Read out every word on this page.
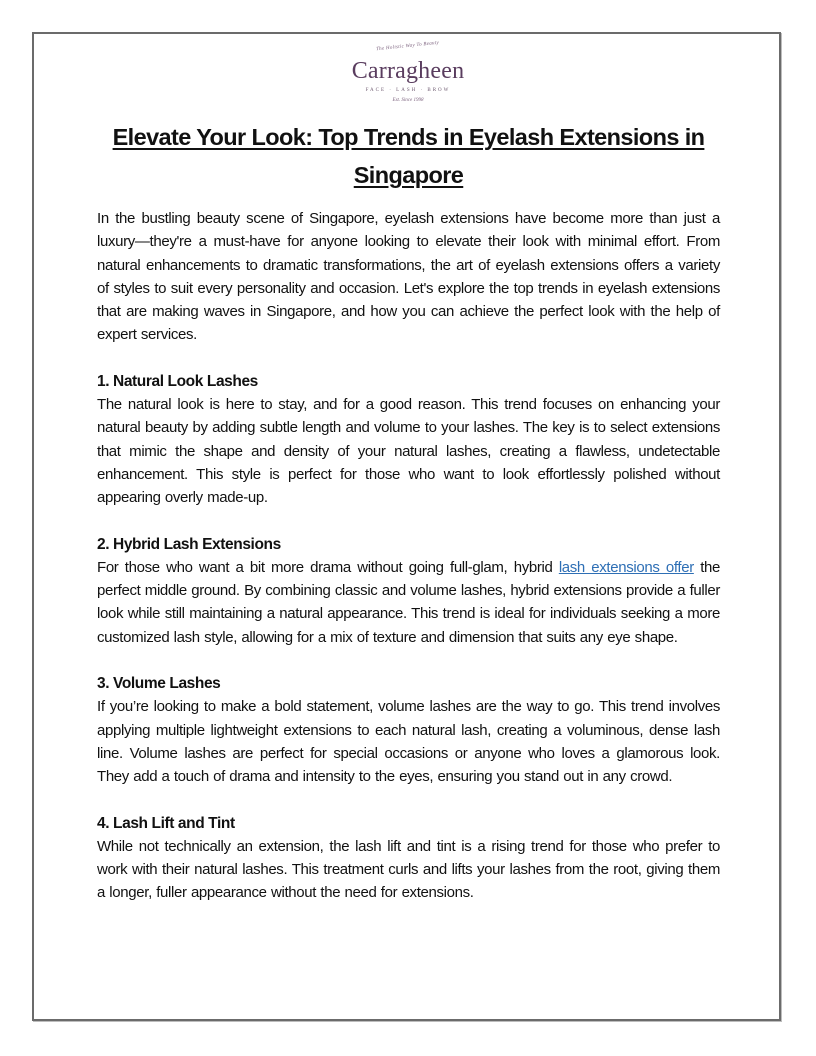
The Holistic Way To Beauty
Carragheen
FACE · LASH · BROW
Est. Since 1998
Elevate Your Look: Top Trends in Eyelash Extensions in Singapore

In the bustling beauty scene of Singapore, eyelash extensions have become more than just a luxury—they're a must-have for anyone looking to elevate their look with minimal effort. From natural enhancements to dramatic transformations, the art of eyelash extensions offers a variety of styles to suit every personality and occasion. Let's explore the top trends in eyelash extensions that are making waves in Singapore, and how you can achieve the perfect look with the help of expert services.

1. Natural Look Lashes

The natural look is here to stay, and for a good reason. This trend focuses on enhancing your natural beauty by adding subtle length and volume to your lashes. The key is to select extensions that mimic the shape and density of your natural lashes, creating a flawless, undetectable enhancement. This style is perfect for those who want to look effortlessly polished without appearing overly made-up.

2. Hybrid Lash Extensions

For those who want a bit more drama without going full-glam, hybrid lash extensions offer the perfect middle ground. By combining classic and volume lashes, hybrid extensions provide a fuller look while still maintaining a natural appearance. This trend is ideal for individuals seeking a more customized lash style, allowing for a mix of texture and dimension that suits any eye shape.

3. Volume Lashes

If you’re looking to make a bold statement, volume lashes are the way to go. This trend involves applying multiple lightweight extensions to each natural lash, creating a voluminous, dense lash line. Volume lashes are perfect for special occasions or anyone who loves a glamorous look. They add a touch of drama and intensity to the eyes, ensuring you stand out in any crowd.

4. Lash Lift and Tint

While not technically an extension, the lash lift and tint is a rising trend for those who prefer to work with their natural lashes. This treatment curls and lifts your lashes from the root, giving them a longer, fuller appearance without the need for extensions.
